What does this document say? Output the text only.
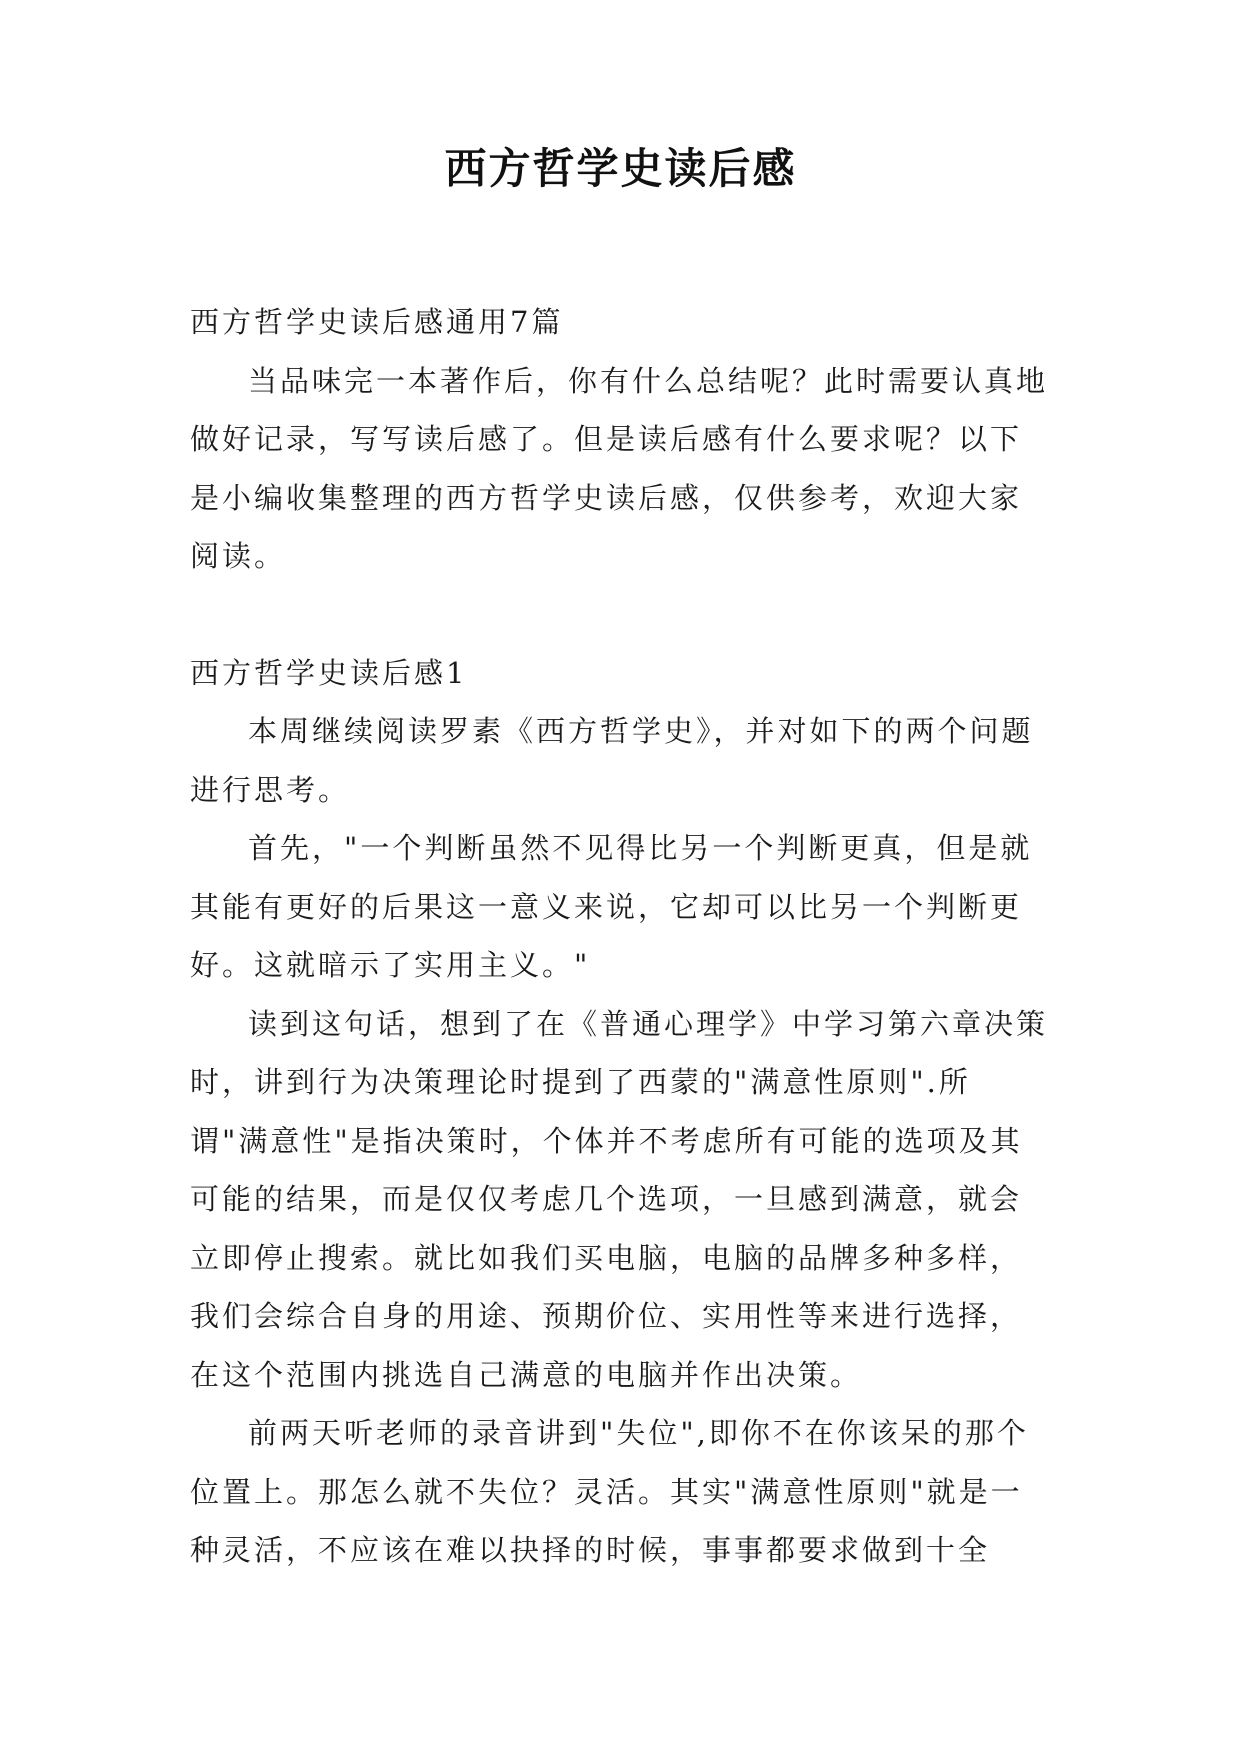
西方哲学史读后感

西方哲学史读后感通用7篇

当品味完一本著作后，你有什么总结呢？此时需要认真地做好记录，写写读后感了。但是读后感有什么要求呢？以下是小编收集整理的西方哲学史读后感，仅供参考，欢迎大家阅读。

西方哲学史读后感1

本周继续阅读罗素《西方哲学史》，并对如下的两个问题进行思考。

首先，"一个判断虽然不见得比另一个判断更真，但是就其能有更好的后果这一意义来说，它却可以比另一个判断更好。这就暗示了实用主义。"

读到这句话，想到了在《普通心理学》中学习第六章决策时，讲到行为决策理论时提到了西蒙的"满意性原则".所谓"满意性"是指决策时，个体并不考虑所有可能的选项及其可能的结果，而是仅仅考虑几个选项，一旦感到满意，就会立即停止搜索。就比如我们买电脑，电脑的品牌多种多样，我们会综合自身的用途、预期价位、实用性等来进行选择，在这个范围内挑选自己满意的电脑并作出决策。

前两天听老师的录音讲到"失位",即你不在你该呆的那个位置上。那怎么就不失位？灵活。其实"满意性原则"就是一种灵活，不应该在难以抉择的时候，事事都要求做到十全
